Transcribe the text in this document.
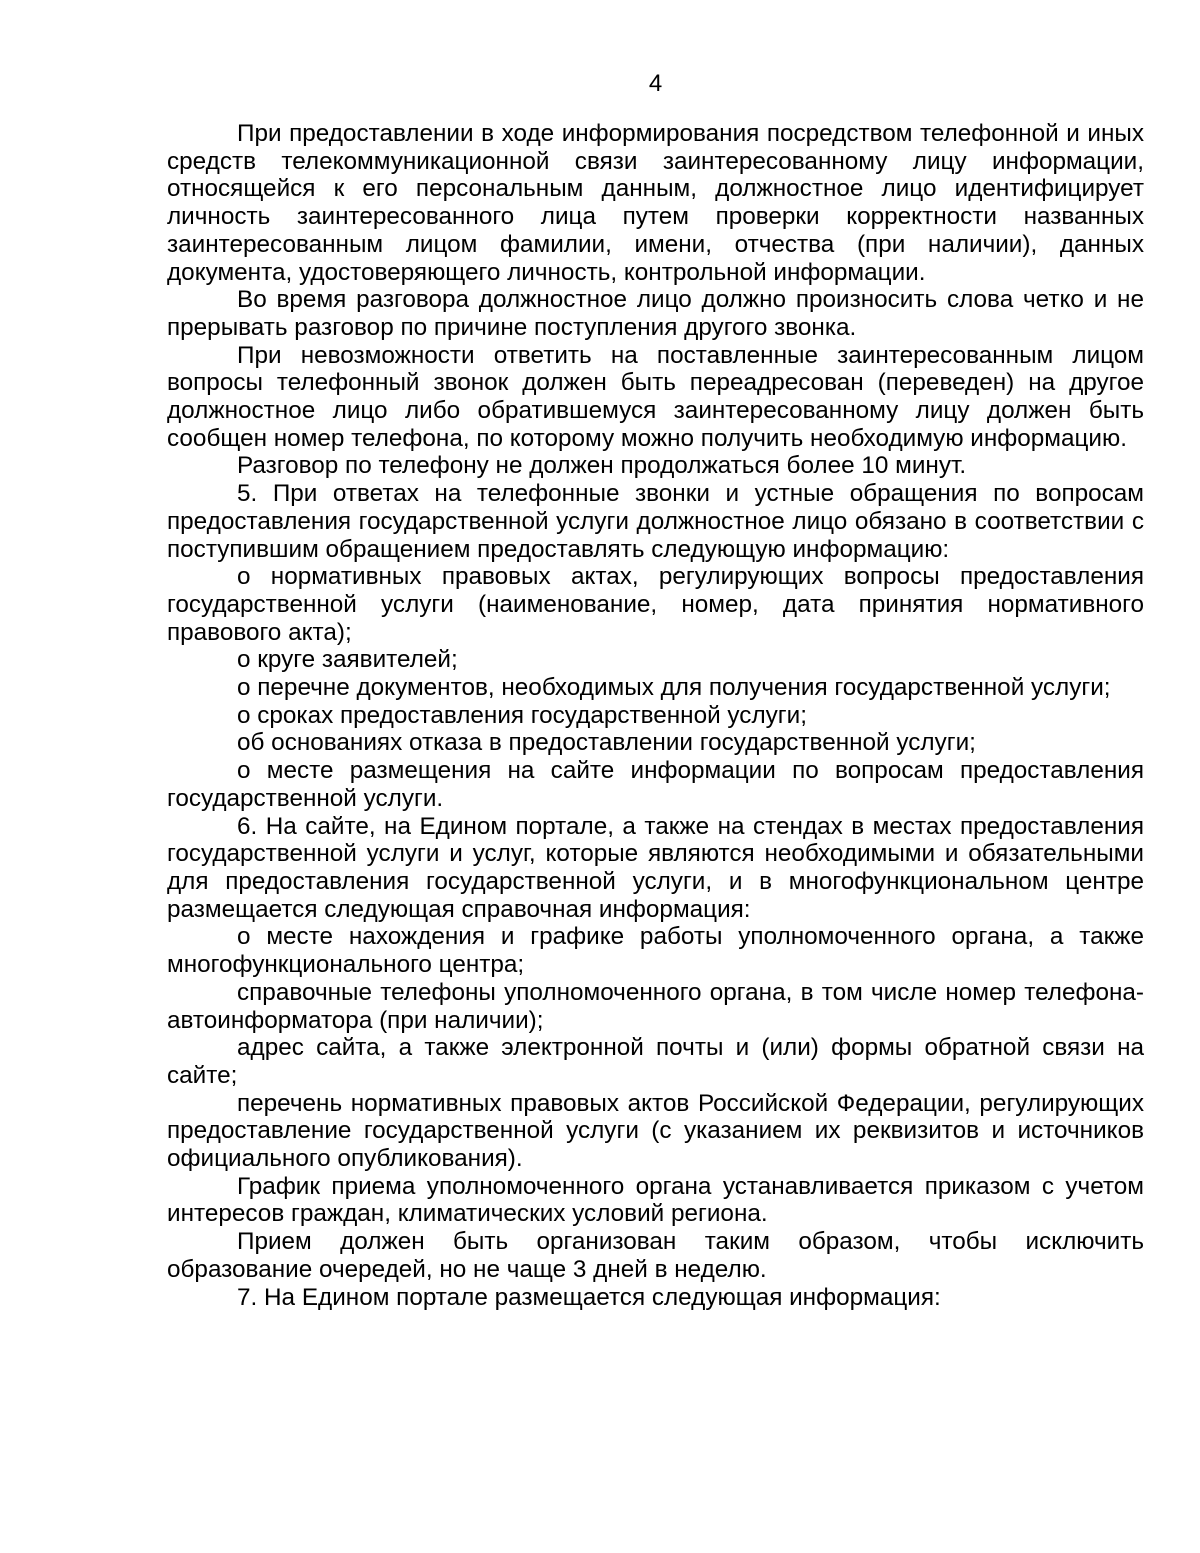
4

При предоставлении в ходе информирования посредством телефонной и иных средств телекоммуникационной связи заинтересованному лицу информации, относящейся к его персональным данным, должностное лицо идентифицирует личность заинтересованного лица путем проверки корректности названных заинтересованным лицом фамилии, имени, отчества (при наличии), данных документа, удостоверяющего личность, контрольной информации.

Во время разговора должностное лицо должно произносить слова четко и не прерывать разговор по причине поступления другого звонка.

При невозможности ответить на поставленные заинтересованным лицом вопросы телефонный звонок должен быть переадресован (переведен) на другое должностное лицо либо обратившемуся заинтересованному лицу должен быть сообщен номер телефона, по которому можно получить необходимую информацию.

Разговор по телефону не должен продолжаться более 10 минут.

5. При ответах на телефонные звонки и устные обращения по вопросам предоставления государственной услуги должностное лицо обязано в соответствии с поступившим обращением предоставлять следующую информацию:

о нормативных правовых актах, регулирующих вопросы предоставления государственной услуги (наименование, номер, дата принятия нормативного правового акта);

о круге заявителей;

о перечне документов, необходимых для получения государственной услуги;

о сроках предоставления государственной услуги;

об основаниях отказа в предоставлении государственной услуги;

о месте размещения на сайте информации по вопросам предоставления государственной услуги.

6. На сайте, на Едином портале, а также на стендах в местах предоставления государственной услуги и услуг, которые являются необходимыми и обязательными для предоставления государственной услуги, и в многофункциональном центре размещается следующая справочная информация:

о месте нахождения и графике работы уполномоченного органа, а также многофункционального центра;

справочные телефоны уполномоченного органа, в том числе номер телефона-автоинформатора (при наличии);

адрес сайта, а также электронной почты и (или) формы обратной связи на сайте;

перечень нормативных правовых актов Российской Федерации, регулирующих предоставление государственной услуги (с указанием их реквизитов и источников официального опубликования).

График приема уполномоченного органа устанавливается приказом с учетом интересов граждан, климатических условий региона.

Прием должен быть организован таким образом, чтобы исключить образование очередей, но не чаще 3 дней в неделю.

7. На Едином портале размещается следующая информация:
